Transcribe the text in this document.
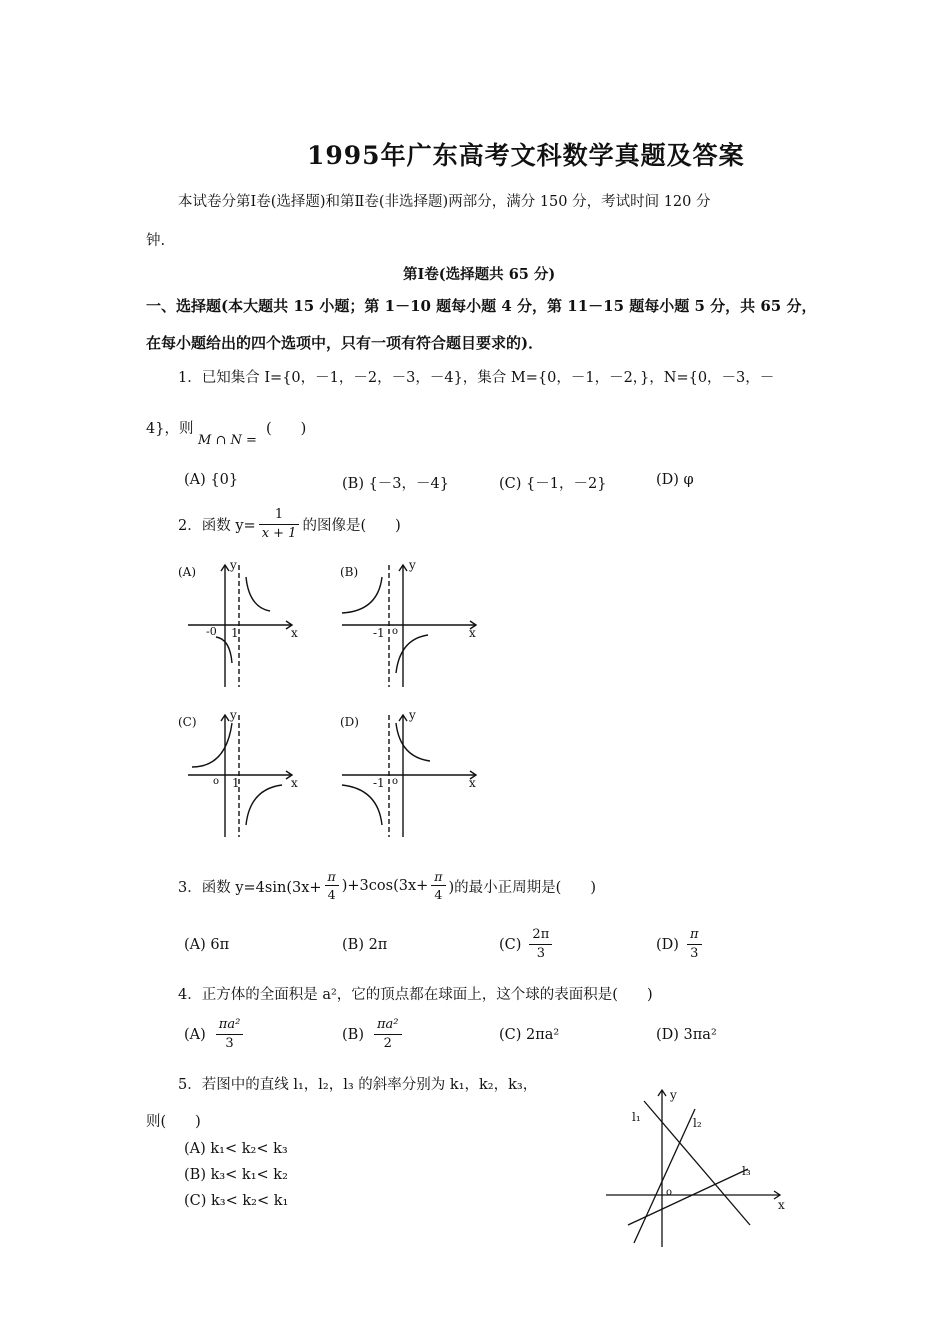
1995年广东高考文科数学真题及答案
本试卷分第Ⅰ卷(选择题)和第Ⅱ卷(非选择题)两部分，满分 150 分，考试时间 120 分
钟.
第Ⅰ卷(选择题共 65 分)
一、选择题(本大题共 15 小题；第 1－10 题每小题 4 分，第 11－15 题每小题 5 分，共 65 分，
在每小题给出的四个选项中，只有一项有符合题目要求的)．
1．已知集合 I={0，－1，－2，－3，－4}，集合 M={0，－1，－2，}，N={0，－3，－
4}，则
M ∩ N =
(　　)
(A) {0}	(B) {－3，－4}	(C) {－1，－2}	(D) φ
2．函数 $y= \frac{1}{x + 1}$ 的图像是(　　)
(A)	y
x
-0 1
(B)	y
x
-1 o
(C)	y
x
o 1
(D)	y
x
-1 o
3．函数 $y=4\sin(3x+ \frac{\pi}{4} )+3\cos(3x+ \frac{\pi}{4}$ )的最小正周期是(　　)
(A) 6π	(B) 2π	$(C) \frac{2\pi}{3}$	$(D) \frac{\pi}{3}$
4．正方体的全面积是 a²，它的顶点都在球面上，这个球的表面积是(　　)
$(A) \frac{\text{πa²}}{3}$	$(B) \frac{\text{πa²}}{2}$	(C) 2πa²	(D) 3πa²
5．若图中的直线 l₁，l₂，l₃ 的斜率分别为 k₁，k₂，k₃，
则(　　)
(A) k₁< k₂< k₃
(B) k₃< k₁< k₂
(C) k₃< k₂< k₁
y
x
o
l₁	l₂
l₃
